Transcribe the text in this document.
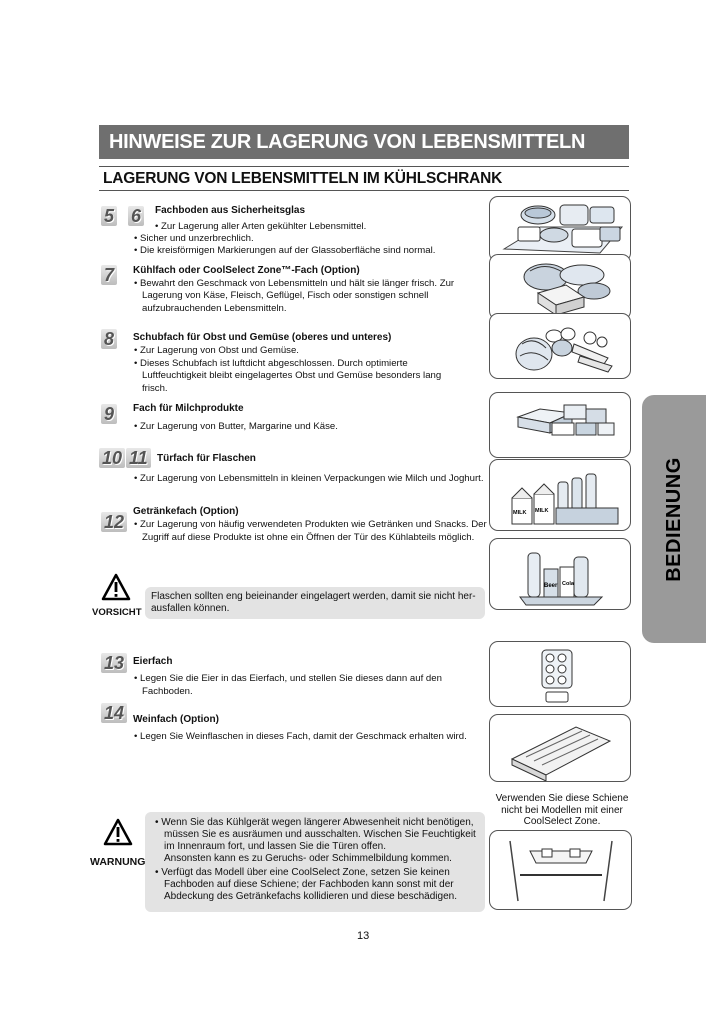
HINWEISE ZUR LAGERUNG VON LEBENSMITTELN
LAGERUNG VON LEBENSMITTELN IM KÜHLSCHRANK
5 6	Fachboden aus Sicherheitsglas
• Zur Lagerung aller Arten gekühlter Lebensmittel.
• Sicher und unzerbrechlich.
• Die kreisförmigen Markierungen auf der Glassoberfläche sind normal.
7	Kühlfach oder CoolSelect Zone™-Fach (Option)
• Bewahrt den Geschmack von Lebensmitteln und hält sie länger frisch. Zur
Lagerung von Käse, Fleisch, Geflügel, Fisch oder sonstigen schnell
aufzubrauchenden Lebensmitteln.
8	Schubfach für Obst und Gemüse (oberes und unteres)
• Zur Lagerung von Obst und Gemüse.
• Dieses Schubfach ist luftdicht abgeschlossen. Durch optimierte
Luftfeuchtigkeit bleibt eingelagertes Obst und Gemüse besonders lang
frisch.
9	Fach für Milchprodukte
• Zur Lagerung von Butter, Margarine und Käse.
10 11 Türfach für Flaschen
• Zur Lagerung von Lebensmitteln in kleinen Verpackungen wie Milch und Joghurt.
Getränkefach (Option)
12	• Zur Lagerung von häufig verwendeten Produkten wie Getränken und Snacks. Der
Zugriff auf diese Produkte ist ohne ein Öffnen der Tür des Kühlabteils möglich.
VORSICHT
Flaschen sollten eng beieinander eingelagert werden, damit sie nicht her-
ausfallen können.
13 Eierfach
• Legen Sie die Eier in das Eierfach, und stellen Sie dieses dann auf den
Fachboden.
14 Weinfach (Option)
• Legen Sie Weinflaschen in dieses Fach, damit der Geschmack erhalten wird.
WARNUNG
• Wenn Sie das Kühlgerät wegen längerer Abwesenheit nicht benötigen,
müssen Sie es ausräumen und ausschalten. Wischen Sie Feuchtigkeit
im Innenraum fort, und lassen Sie die Türen offen.
Ansonsten kann es zu Geruchs- oder Schimmelbildung kommen.
• Verfügt das Modell über eine CoolSelect Zone, setzen Sie keinen
Fachboden auf diese Schiene; der Fachboden kann sonst mit der
Abdeckung des Getränkefachs kollidieren und diese beschädigen.
Verwenden Sie diese Schiene
nicht bei Modellen mit einer
CoolSelect Zone.
BEDIENUNG
13
MILK MILK
Beer Cola
